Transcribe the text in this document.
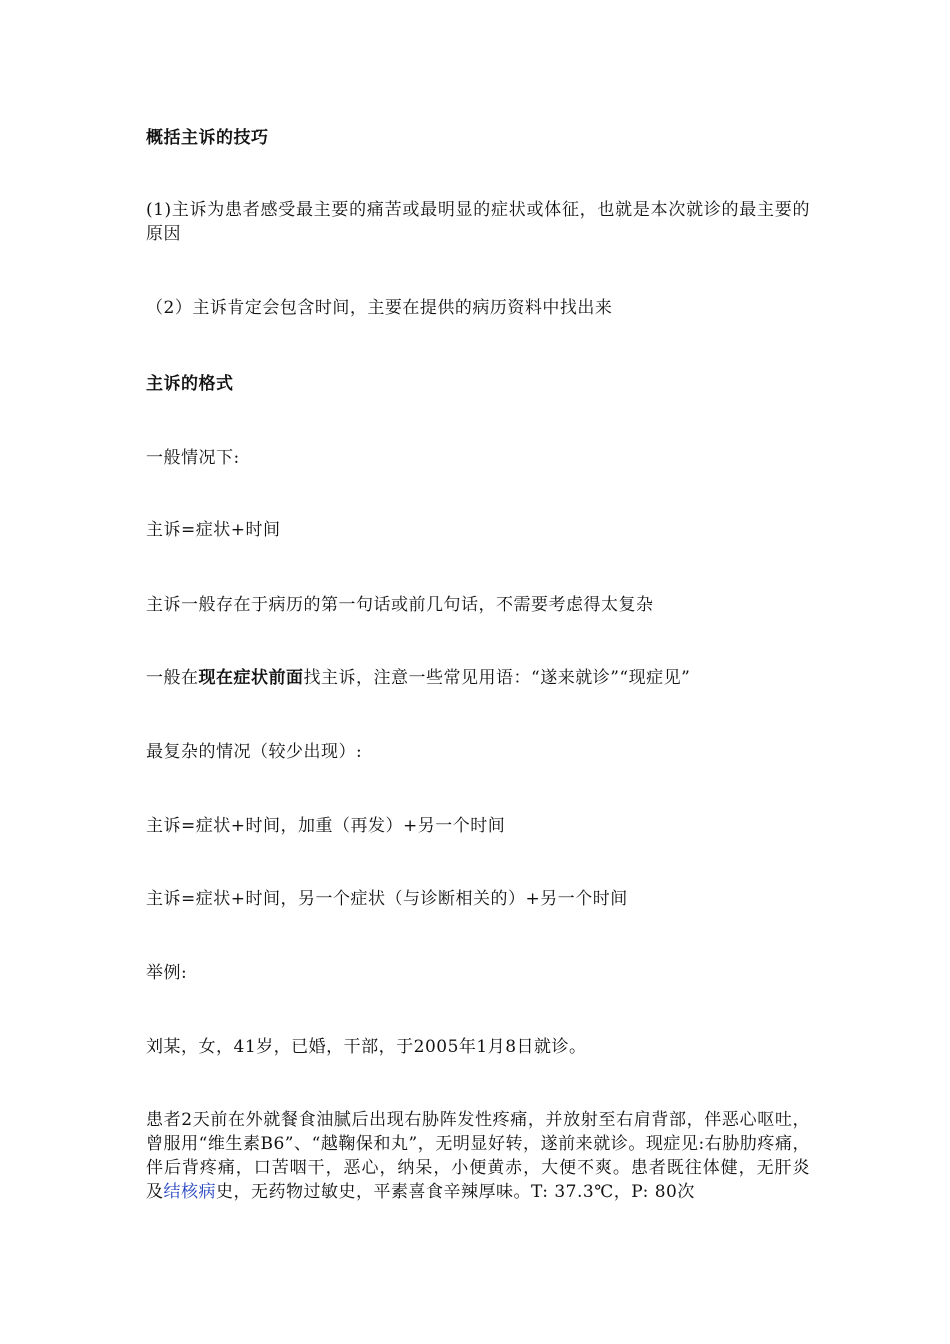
概括主诉的技巧
(1)主诉为患者感受最主要的痛苦或最明显的症状或体征，也就是本次就诊的最主要的原因
（2）主诉肯定会包含时间，主要在提供的病历资料中找出来
主诉的格式
一般情况下:
主诉=症状+时间
主诉一般存在于病历的第一句话或前几句话，不需要考虑得太复杂
一般在现在症状前面找主诉，注意一些常见用语：“遂来就诊”“现症见”
最复杂的情况（较少出现）:
主诉=症状+时间，加重（再发）+另一个时间
主诉=症状+时间，另一个症状（与诊断相关的）+另一个时间
举例:
刘某，女，41岁，已婚，干部，于2005年1月8日就诊。
患者2天前在外就餐食油腻后出现右胁阵发性疼痛，并放射至右肩背部，伴恶心呕吐，曾服用“维生素B6”、“越鞠保和丸”，无明显好转，遂前来就诊。现症见:右胁肋疼痛，伴后背疼痛，口苦咽干，恶心，纳呆，小便黄赤，大便不爽。患者既往体健，无肝炎及结核病史，无药物过敏史，平素喜食辛辣厚味。T: 37.3℃，P: 80次
